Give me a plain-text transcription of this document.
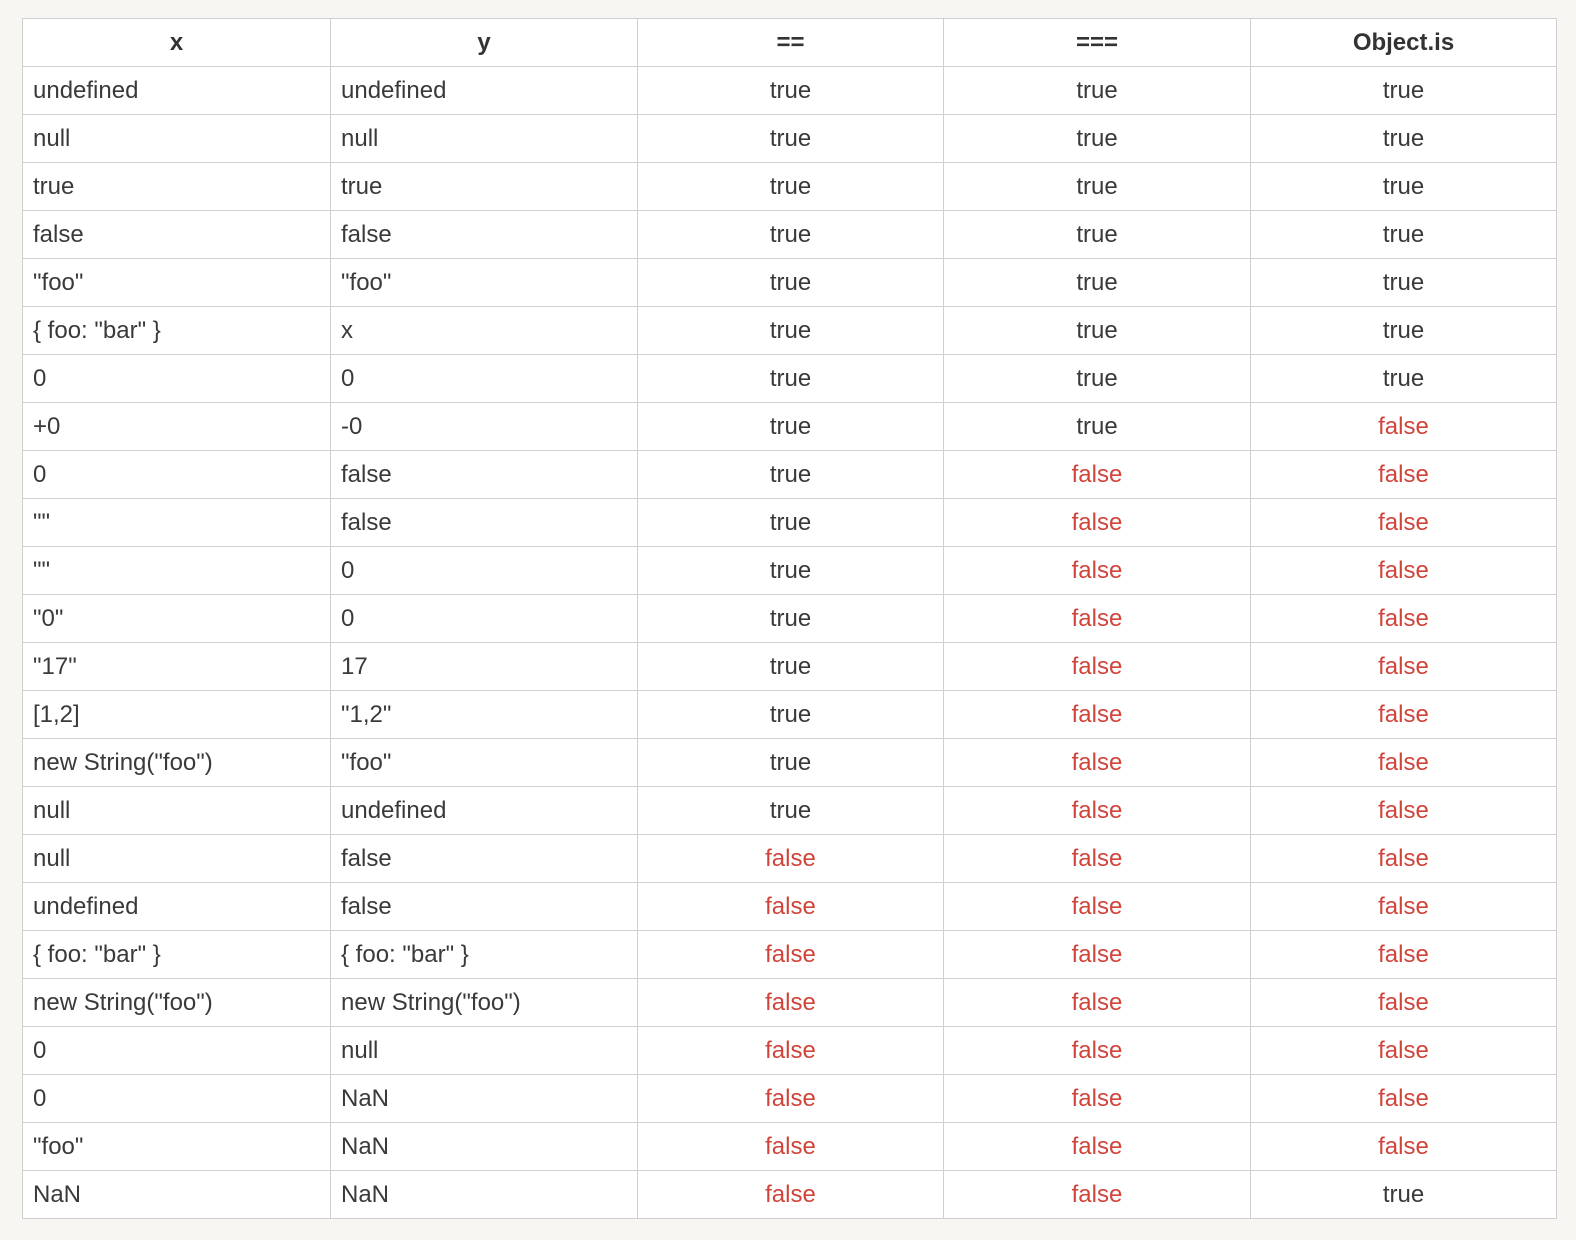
x	y	==	===	Object.is
undefined	undefined	true	true	true
null	null	true	true	true
true	true	true	true	true
false	false	true	true	true
"foo"	"foo"	true	true	true
{ foo: "bar" }	x	true	true	true
0	0	true	true	true
+0	-0	true	true	false
0	false	true	false	false
""	false	true	false	false
""	0	true	false	false
"0"	0	true	false	false
"17"	17	true	false	false
[1,2]	"1,2"	true	false	false
new String("foo")	"foo"	true	false	false
null	undefined	true	false	false
null	false	false	false	false
undefined	false	false	false	false
{ foo: "bar" }	{ foo: "bar" }	false	false	false
new String("foo")	new String("foo")	false	false	false
0	null	false	false	false
0	NaN	false	false	false
"foo"	NaN	false	false	false
NaN	NaN	false	false	true
